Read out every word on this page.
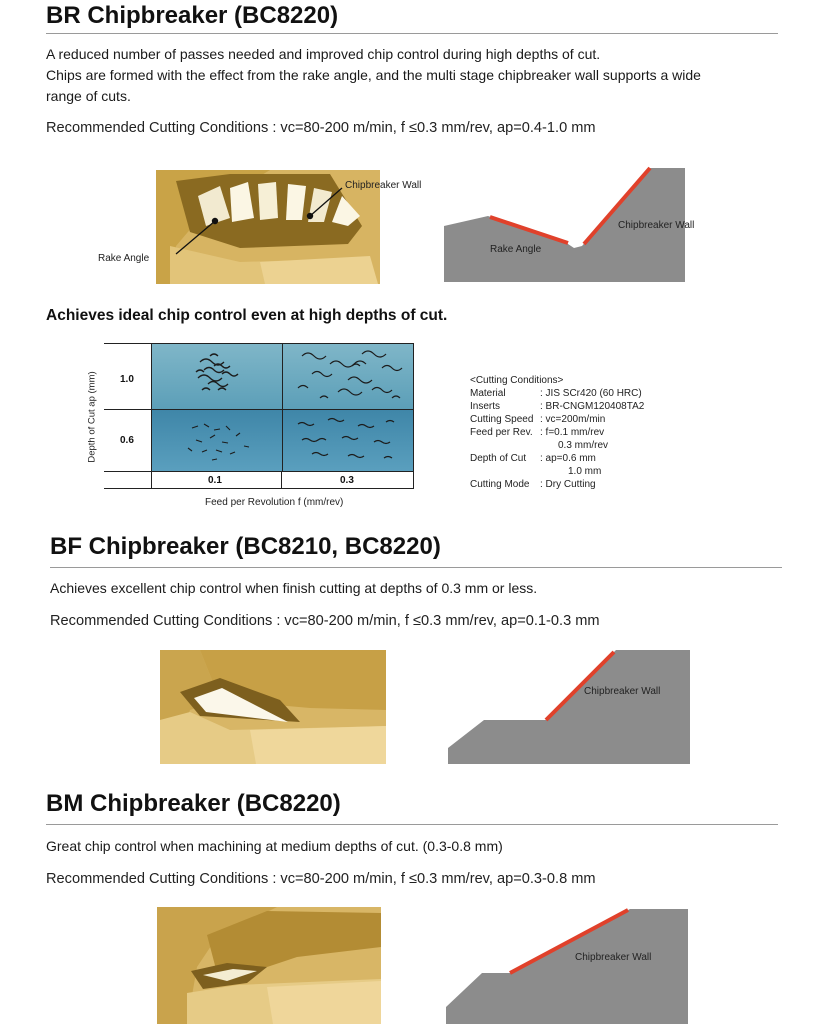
BR Chipbreaker (BC8220)
A reduced number of passes needed and improved chip control during high depths of cut.
Chips are formed with the effect from the rake angle, and the multi stage chipbreaker wall supports a wide
range of cuts.
Recommended Cutting Conditions : vc=80-200 m/min, f ≤0.3 mm/rev, ap=0.4-1.0 mm
Chipbreaker Wall
Rake Angle
Chipbreaker Wall
Rake Angle
Achieves ideal chip control even at high depths of cut.
Depth of Cut ap (mm) 1.0
0.6
0.1	0.3
Feed per Revolution f (mm/rev)
<Cutting Conditions>
Material	: JIS SCr420 (60 HRC)
Inserts	: BR-CNGM120408TA2
Cutting Speed : vc=200m/min
Feed per Rev. : f=0.1 mm/rev
0.3 mm/rev
Depth of Cut	: ap=0.6 mm
1.0 mm
Cutting Mode	: Dry Cutting
BF Chipbreaker (BC8210, BC8220)
Achieves excellent chip control when finish cutting at depths of 0.3 mm or less.
Recommended Cutting Conditions : vc=80-200 m/min, f ≤0.3 mm/rev, ap=0.1-0.3 mm
Chipbreaker Wall
BM Chipbreaker (BC8220)
Great chip control when machining at medium depths of cut. (0.3-0.8 mm)
Recommended Cutting Conditions : vc=80-200 m/min, f ≤0.3 mm/rev, ap=0.3-0.8 mm
Chipbreaker Wall
